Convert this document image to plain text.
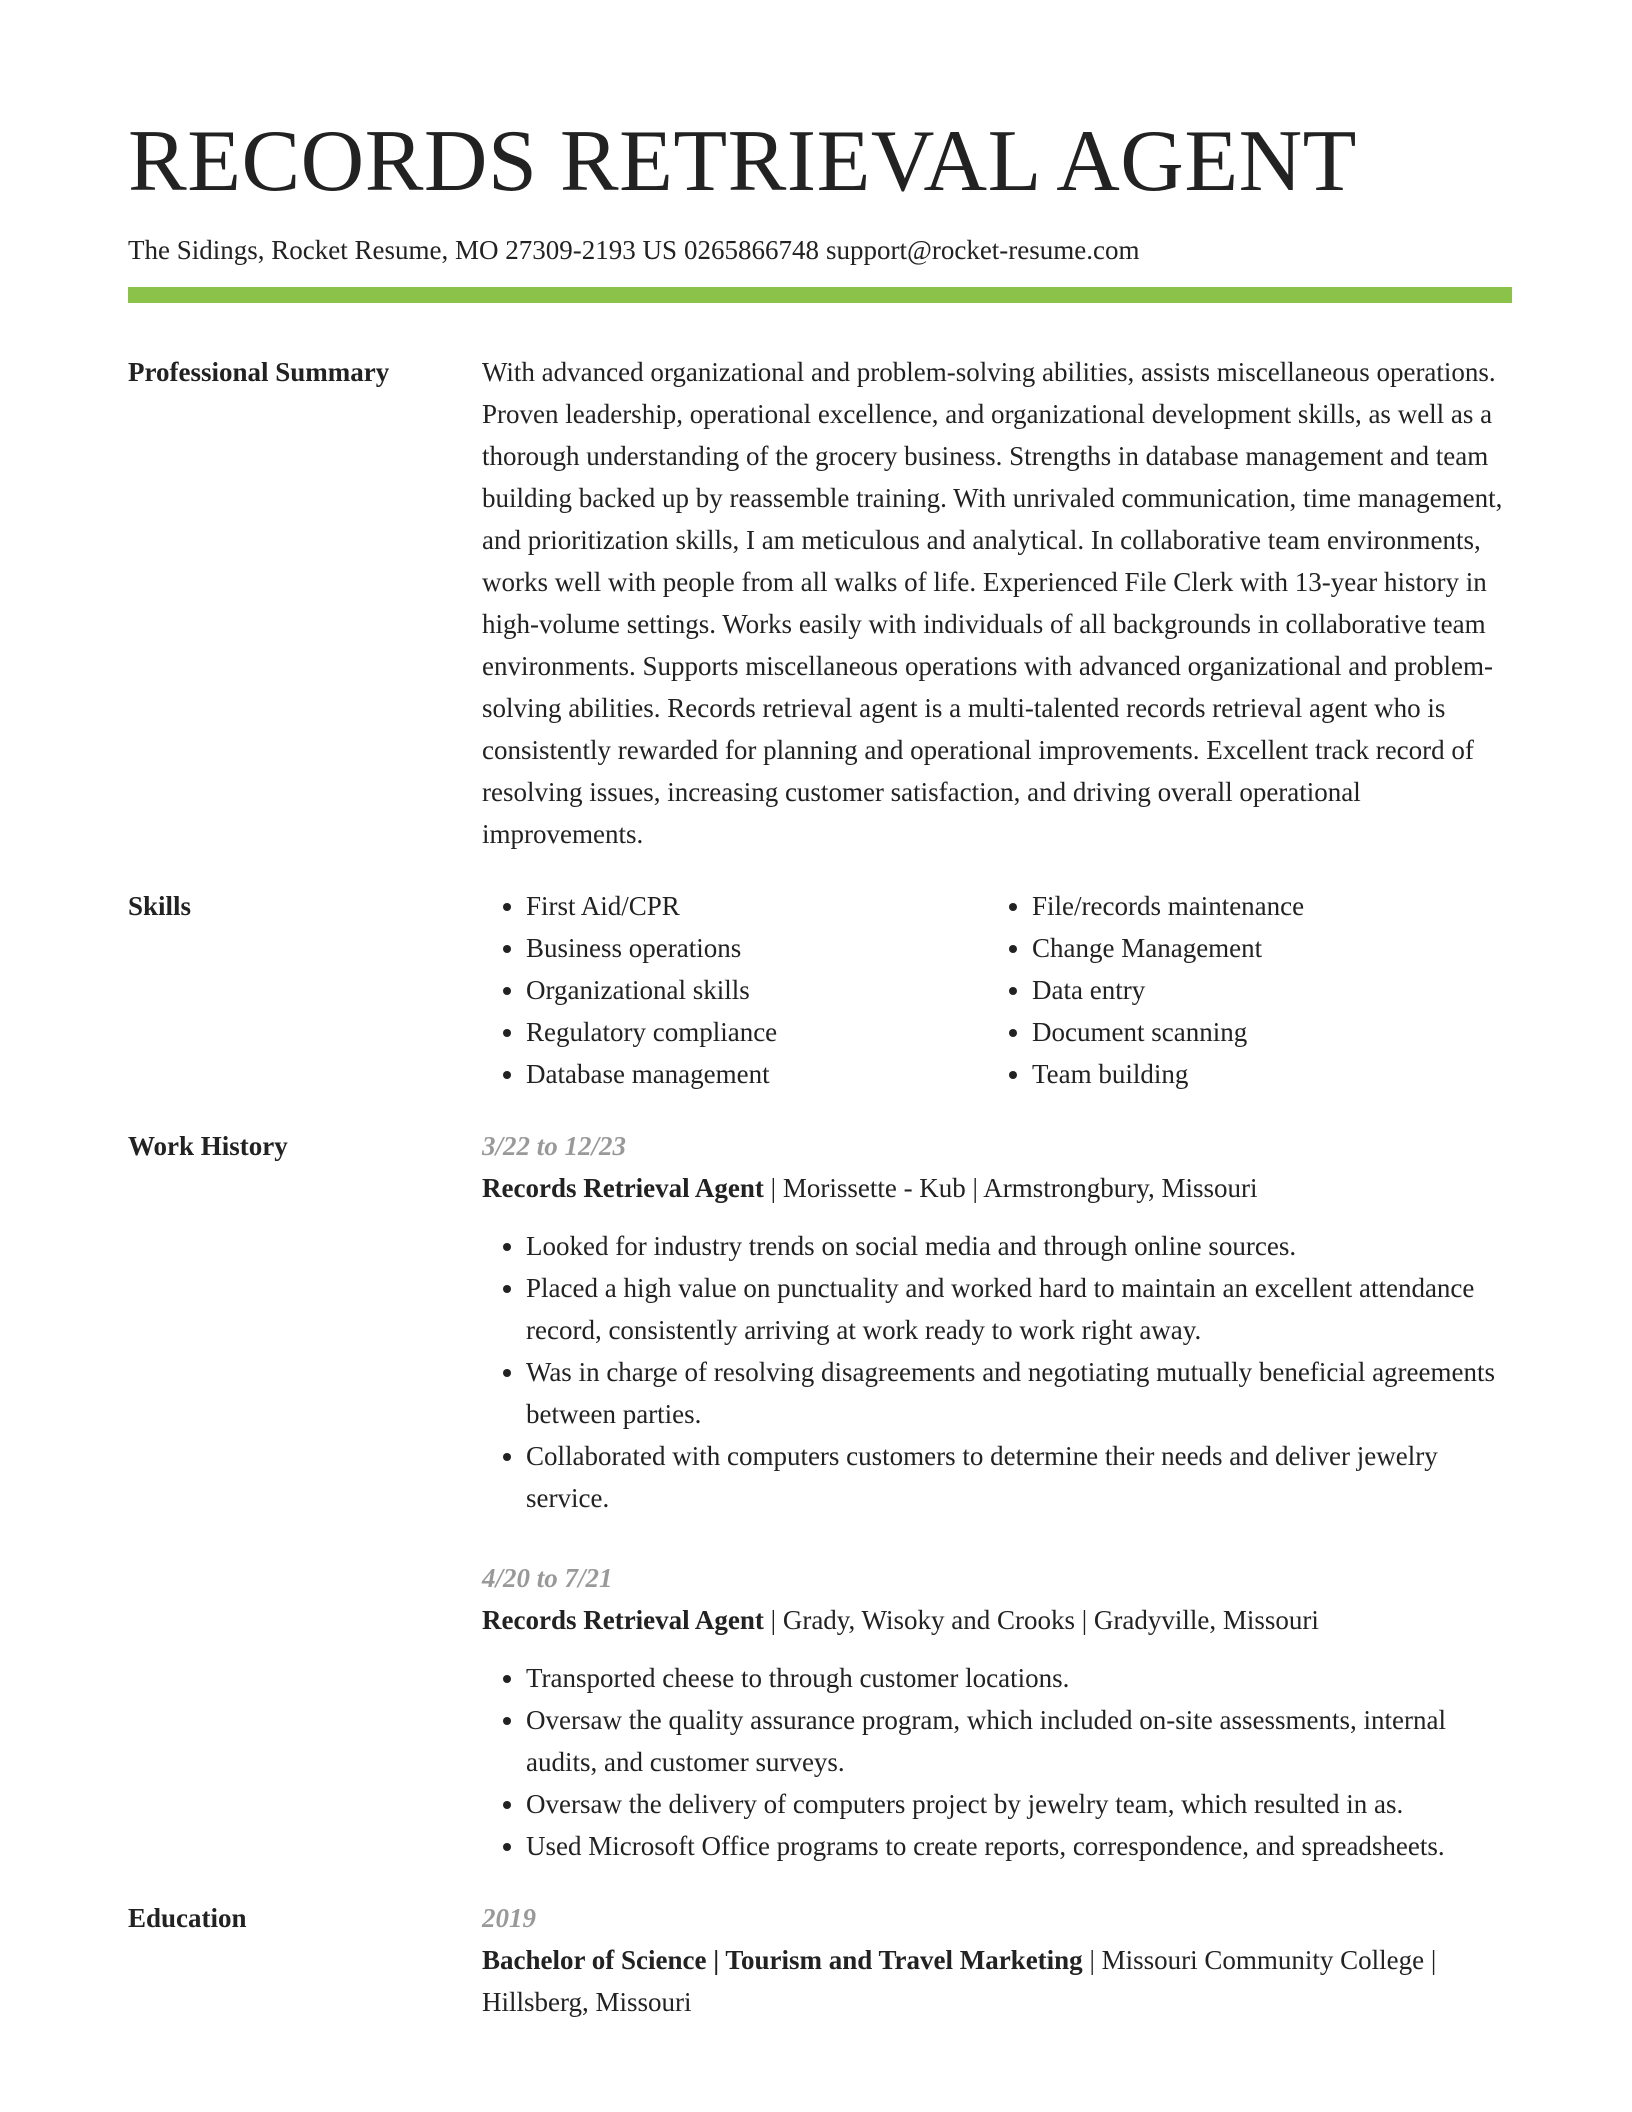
RECORDS RETRIEVAL AGENT
The Sidings, Rocket Resume, MO 27309-2193 US 0265866748 support@rocket-resume.com
Professional Summary	With advanced organizational and problem-solving abilities, assists miscellaneous operations. Proven leadership, operational excellence, and organizational development skills, as well as a thorough understanding of the grocery business. Strengths in database management and team building backed up by reassemble training. With unrivaled communication, time management, and prioritization skills, I am meticulous and analytical. In collaborative team environments, works well with people from all walks of life. Experienced File Clerk with 13-year history in high-volume settings. Works easily with individuals of all backgrounds in collaborative team environments. Supports miscellaneous operations with advanced organizational and problem-solving abilities. Records retrieval agent is a multi-talented records retrieval agent who is consistently rewarded for planning and operational improvements. Excellent track record of resolving issues, increasing customer satisfaction, and driving overall operational improvements.

Skills
•	First Aid/CPR
• Business operations
• Organizational skills
• Regulatory compliance
• Database management
• File/records maintenance
• Change Management
• Data entry
• Document scanning
• Team building
Work History	3/22 to 12/23
Records Retrieval Agent | Morissette - Kub | Armstrongbury, Missouri
• Looked for industry trends on social media and through online sources.
• Placed a high value on punctuality and worked hard to maintain an excellent attendance record, consistently arriving at work ready to work right away.
• Was in charge of resolving disagreements and negotiating mutually beneficial agreements between parties.
• Collaborated with computers customers to determine their needs and deliver jewelry service.
4/20 to 7/21
Records Retrieval Agent | Grady, Wisoky and Crooks | Gradyville, Missouri
• Transported cheese to through customer locations.
• Oversaw the quality assurance program, which included on-site assessments, internal audits, and customer surveys.
• Oversaw the delivery of computers project by jewelry team, which resulted in as.
• Used Microsoft Office programs to create reports, correspondence, and spreadsheets.
Education	2019
Bachelor of Science | Tourism and Travel Marketing | Missouri Community College | Hillsberg, Missouri
